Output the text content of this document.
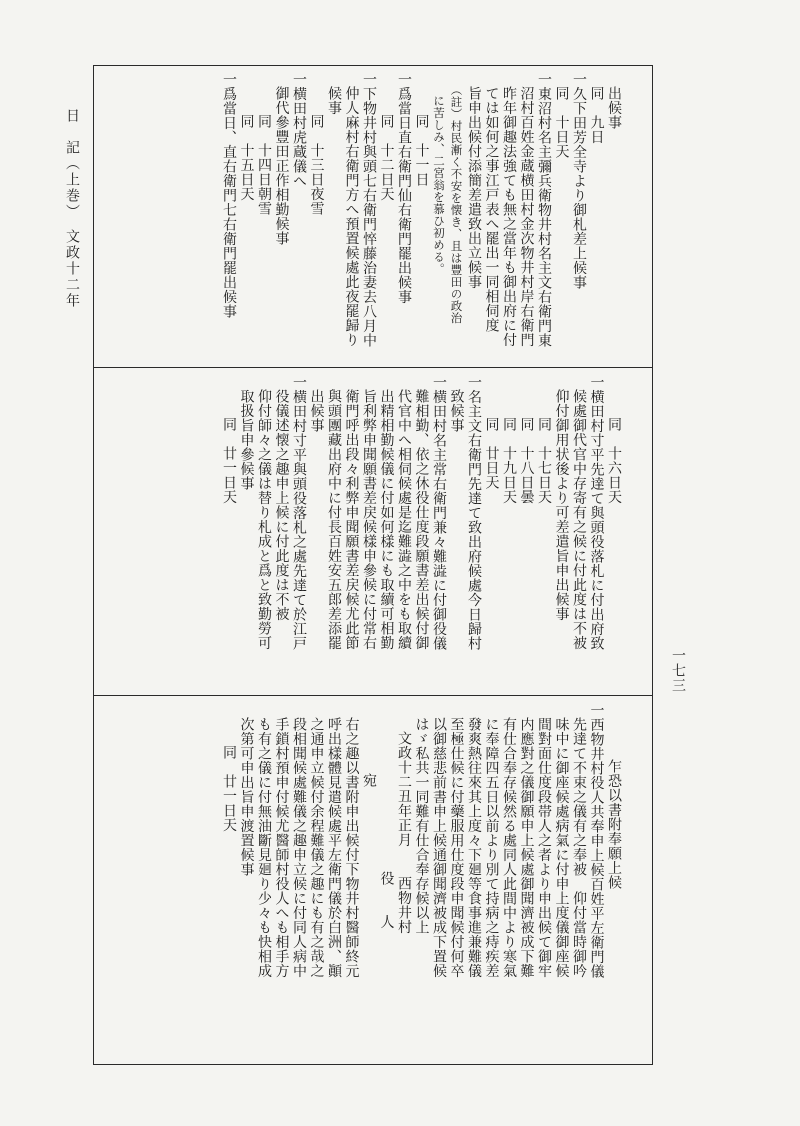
出候事
同　九日
一久下田芳全寺より御札差上候事
同　十日天
一東沼村名主彌兵衛物井村名主文右衛門東
沼村百姓金蔵横田村金次物井村岸右衛門
昨年御趣法強ても無之當年も御出府に付
ては如何之事江戸表へ罷出一同相伺度
旨申出候付添簡差遣致出立候事
（註）村民漸く不安を懐き、且は豐田の政治
に苦しみ、二宮翁を慕ひ初める。
同　十一日
一爲當日直右衛門仙右衛門罷出候事
同　十二日天
一下物井村與頭七右衛門悴藤治妻去八月中
仲人麻村右衛門方へ預置候處此夜罷歸り
候事
同　十三日夜雪
一横田村虎蔵儀へ
御代參豐田正作相勤候事
同　十四日朝雪
同　十五日天
一爲當日、直右衛門七右衛門罷出候事
同　十六日天
一横田村寸平先達て與頭役落札に付出府致
候處御代官中存寄有之候に付此度は不被
仰付御用状後より可差遣旨申出候事
同　十七日天
同　十八日曇
同　十九日天
同　廿日天
一名主文右衛門先達て致出府候處今日歸村
致候事
一横田村名主常右衛門兼々難澁に付御役儀
難相勤、依之休役仕度段願書差出候付御
代官中へ相伺候處是迄難澁之中をも取續
出精相勤候儀に付如何樣にも取續可相勤
旨利弊申聞願書差戻候樣申參候に付常右
衛門呼出段々利弊申聞願書差戻候尤此節
與頭團藏出府中に付長百姓安五郎差添罷
出候事
一横田村寸平與頭役落札之處先達て於江戸
役儀述懐之趣申上候に付此度は不被
仰付師々之儀は替り札成と爲と致勤勞可
取扱旨申參候事
同　廿一日天
乍恐以書附奉願上候
一西物井村役人共奉申上候百姓平左衛門儀
先達て不束之儀有之奉被　仰付當時御吟
味中に御座候處病氣に付申上度儀御座候
間對面仕度段帯人之者より申出候て御牢
内應對之儀御願申上候處御聞濟被成下難
有仕合奉存候然る處同人此間中より寒氣
に奉障四五日以前より別て持病之痔疾差
發爽熱往來其上度々下廻等食事進兼難儀
至極仕候に付藥服用仕度段申聞候付何卒
以御慈悲前書申上候通御聞濟被成下置候
はゞ私共一同難有仕合奉存候以上
文政十二丑年正月　　西物井村
役　　人
宛
右之趣以書附申出候付下物井村醫師終元
呼出樣體見遣候處平左衛門儀於白洲、顚
之通申立候付余程難儀之趣にも有之哉之
段相聞候處難儀之趣申立候に付同人病中
手鎖村預申付候尤醫師村役人へも相手方
も有之儀に付無油斷見廻り少々も快相成
次第可申出旨申渡置候事
同　廿一日天
日　記（上巻）　文政十二年
一七三
